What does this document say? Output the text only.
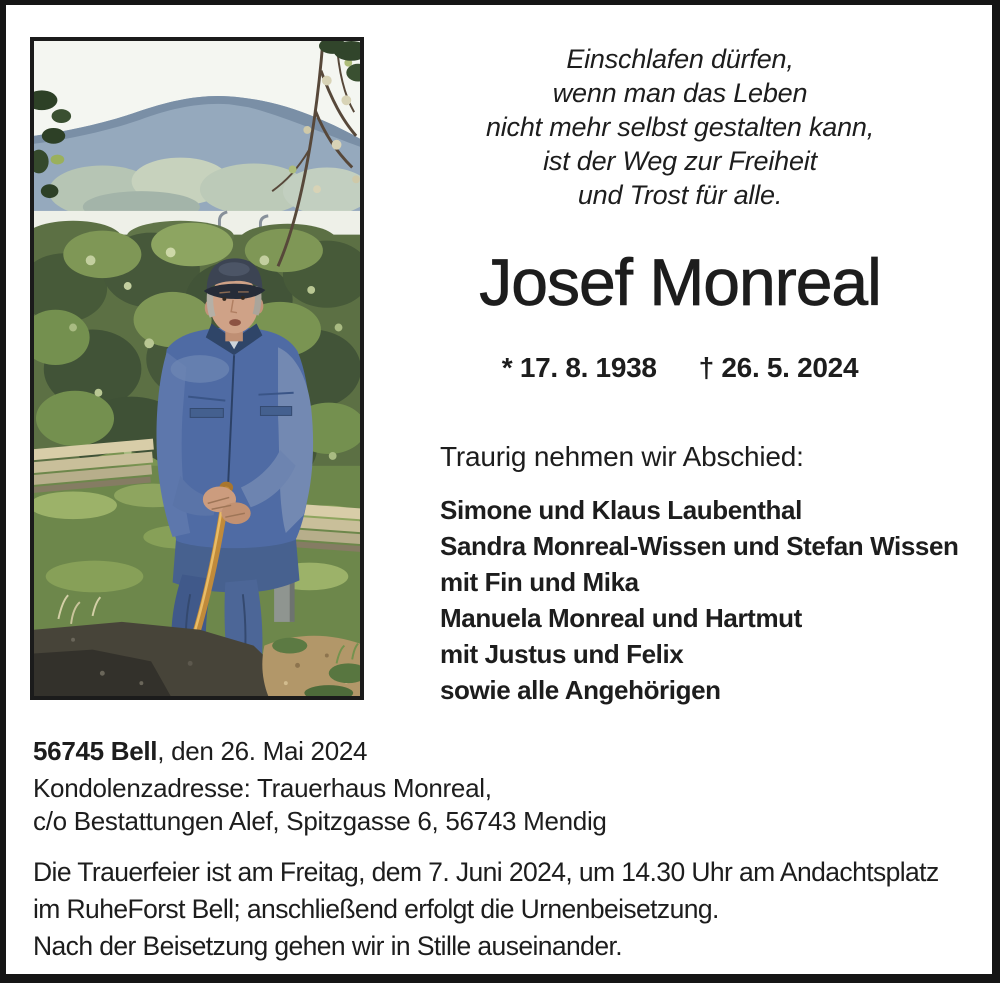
Einschlafen dürfen,
wenn man das Leben
nicht mehr selbst gestalten kann,
ist der Weg zur Freiheit
und Trost für alle.
Josef Monreal
* 17. 8. 1938 † 26. 5. 2024
Traurig nehmen wir Abschied:
Simone und Klaus Laubenthal
Sandra Monreal-Wissen und Stefan Wissen
mit Fin und Mika
Manuela Monreal und Hartmut
mit Justus und Felix
sowie alle Angehörigen
56745 Bell, den 26. Mai 2024
Kondolenzadresse: Trauerhaus Monreal,
c/o Bestattungen Alef, Spitzgasse 6, 56743 Mendig
Die Trauerfeier ist am Freitag, dem 7. Juni 2024, um 14.30 Uhr am Andachtsplatz
im RuheForst Bell; anschließend erfolgt die Urnenbeisetzung.
Nach der Beisetzung gehen wir in Stille auseinander.
